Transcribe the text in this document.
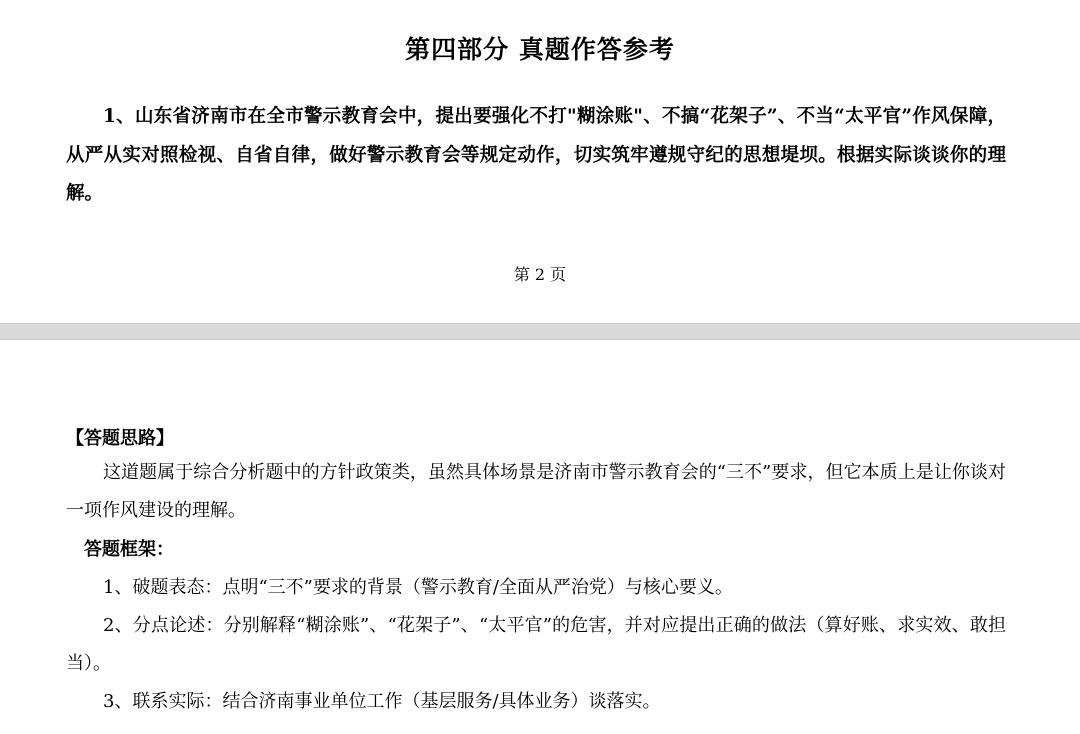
第四部分 真题作答参考
1、山东省济南市在全市警示教育会中，提出要强化不打"糊涂账"、不搞“花架子”、不当“太平官”作风保障，从严从实对照检视、自省自律，做好警示教育会等规定动作，切实筑牢遵规守纪的思想堤坝。根据实际谈谈你的理解。
第 2 页
【答题思路】
这道题属于综合分析题中的方针政策类，虽然具体场景是济南市警示教育会的“三不”要求，但它本质上是让你谈对一项作风建设的理解。
答题框架：
1、破题表态：点明“三不”要求的背景（警示教育/全面从严治党）与核心要义。
2、分点论述：分别解释“糊涂账”、“花架子”、“太平官”的危害，并对应提出正确的做法（算好账、求实效、敢担当）。
3、联系实际：结合济南事业单位工作（基层服务/具体业务）谈落实。
